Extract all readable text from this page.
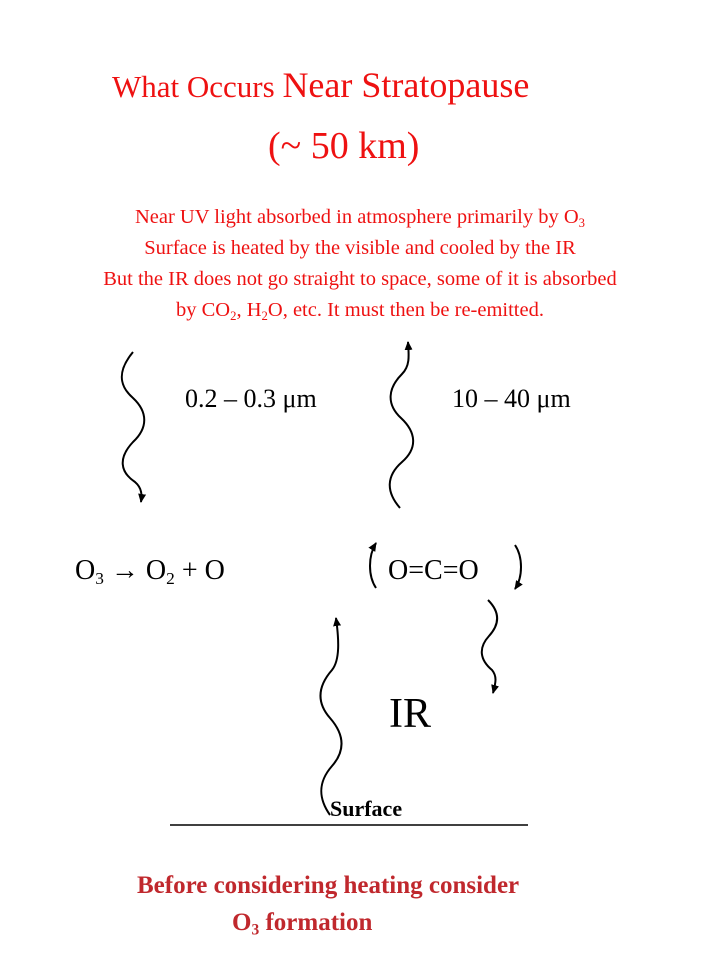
What Occurs Near Stratopause
(~ 50 km)
Near UV light absorbed in atmosphere primarily by $O_3$
Surface is heated by the visible and cooled by the IR
But the IR does not go straight to space, some of it is absorbed
by $CO_2$, $H_2O$, etc. It must then be re-emitted.
0.2 – 0.3 μm	10 – 40 μm
$O_3 \to O_2 + O$	O=C=O
IR
Surface
Before considering heating consider
$O_3$ formation
